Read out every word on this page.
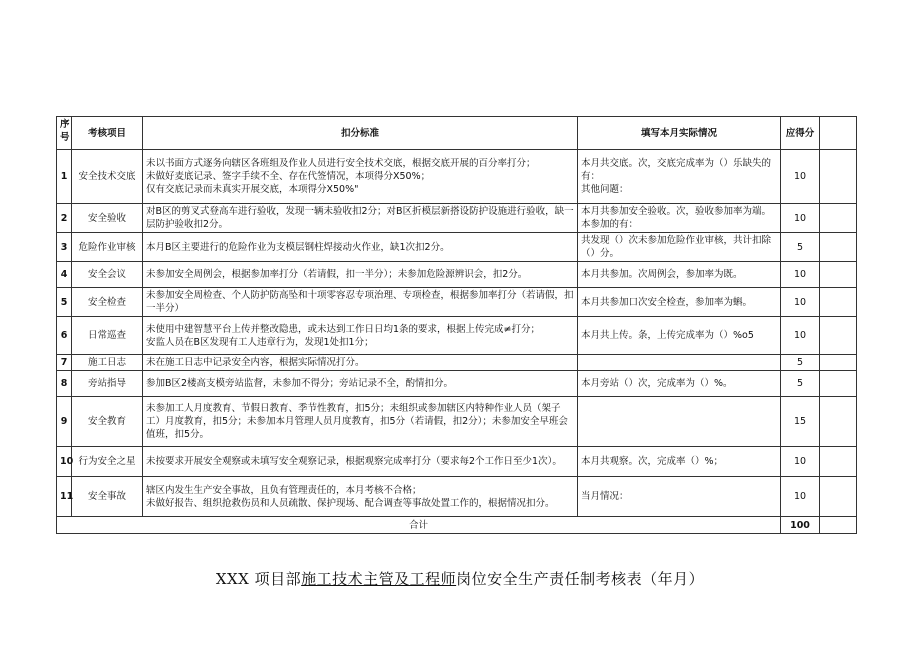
序号	考核项目	扣分标准	填写本月实际情况	应得分	
1	安全技术交底	未以书面方式逐务向辖区各班组及作业人员进行安全技术交底，根据交底开展的百分率打分；
未做好麦底记录、签字手续不全、存在代签情况，本项得分X50%；
仅有交底记录而未真实开展交底，本项得分X50%"	本月共交底。次，交底完成率为（）乐缺失的有：
其他问题：	10	
2	安全验收	对B区的剪叉式登高车进行验收，发现一辆未验收扣2分；对B区折模层新搭设防护设施进行验收，缺一层防护验收扣2分。	本月共参加安全验收。次，验收参加率为端。本参加的有：	10	
3	危险作业审核	本月B区主要进行的危险作业为支模层钢柱焊接动火作业，缺1次扣2分。	共发现（）次未参加危险作业审核，共计扣除（）分。	5	
4	安全会议	未参加安全周例会，根据参加率打分（若请假，扣一半分）；未参加危险源辨识会，扣2分。	本月共参加。次周例会，参加率为既。	10	
5	安全检查	未参加安全周检查、个人防护防高坠和十项零容忍专项治理、专项检查，根据参加率打分（若请假，扣一半分）	本月共参加口次安全检查，参加率为蝌。	10	
6	日常巡查	未使用中建智慧平台上传并整改隐患，或未达到工作日日均1条的要求，根据上传完成≠打分；
安监人员在B区发现有工人违章行为，发现1处扣1分；	本月共上传。条，上传完成率为（）%o5	10	
7	施工日志	未在施工日志中记录安全内容，根据实际情况打分。		5	
8	旁站指导	参加B区2楼高支模旁站监督，未参加不得分；旁站记录不全，酌情扣分。	本月旁站（）次，完成率为（）%。	5	
9	安全教育	未参加工人月度教育、节假日教育、季节性教育，扣5分；未组织或参加辖区内特种作业人员（架子工）月度教育，扣5分；未参加本月管理人员月度教育，扣5分（若请假，扣2分）；未参加安全早班会值班，扣5分。		15	
10	行为安全之星	未按要求开展安全观察或未填写安全观察记录，根据观察完成率打分（要求每2个工作日至少1次）。	本月共观察。次，完成率（）%；	10	
11	安全事故	辖区内发生生产安全事故，且负有管理责任的，本月考核不合格；
未做好报告、组织抢救伤员和人员疏散、保护现场、配合调查等事故处置工作的，根据情况扣分。	当月情况：	10	
合计				100	
XXX 项目部施工技术主管及工程师岗位安全生产责任制考核表（年月）
